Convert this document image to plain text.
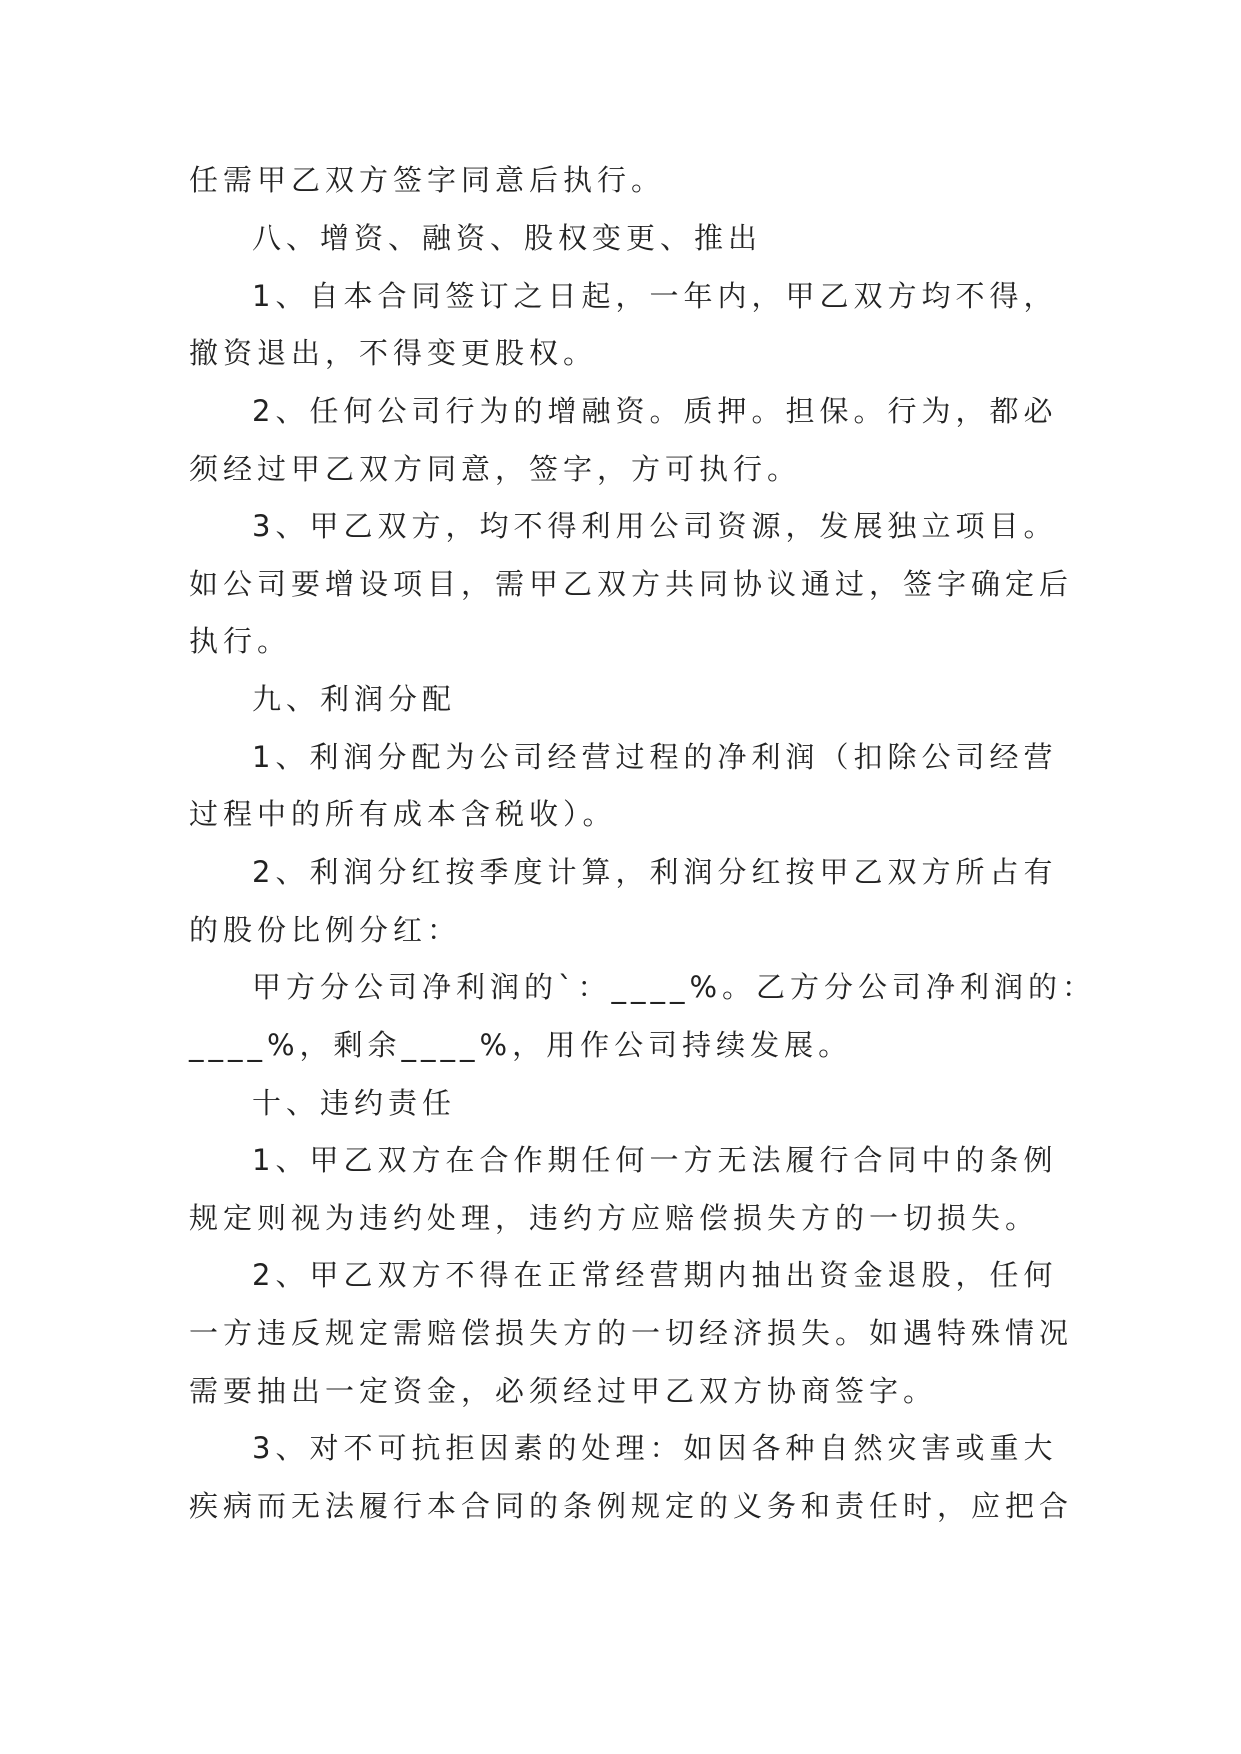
任需甲乙双方签字同意后执行。
八、增资、融资、股权变更、推出
1、自本合同签订之日起，一年内，甲乙双方均不得，
撤资退出，不得变更股权。
2、任何公司行为的增融资。质押。担保。行为，都必
须经过甲乙双方同意，签字，方可执行。
3、甲乙双方，均不得利用公司资源，发展独立项目。
如公司要增设项目，需甲乙双方共同协议通过，签字确定后
执行。
九、利润分配
1、利润分配为公司经营过程的净利润（扣除公司经营
过程中的所有成本含税收）。
2、利润分红按季度计算，利润分红按甲乙双方所占有
的股份比例分红：
甲方分公司净利润的`：____%。乙方分公司净利润的：
____%，剩余____%，用作公司持续发展。
十、违约责任
1、甲乙双方在合作期任何一方无法履行合同中的条例
规定则视为违约处理，违约方应赔偿损失方的一切损失。
2、甲乙双方不得在正常经营期内抽出资金退股，任何
一方违反规定需赔偿损失方的一切经济损失。如遇特殊情况
需要抽出一定资金，必须经过甲乙双方协商签字。
3、对不可抗拒因素的处理：如因各种自然灾害或重大
疾病而无法履行本合同的条例规定的义务和责任时，应把合
